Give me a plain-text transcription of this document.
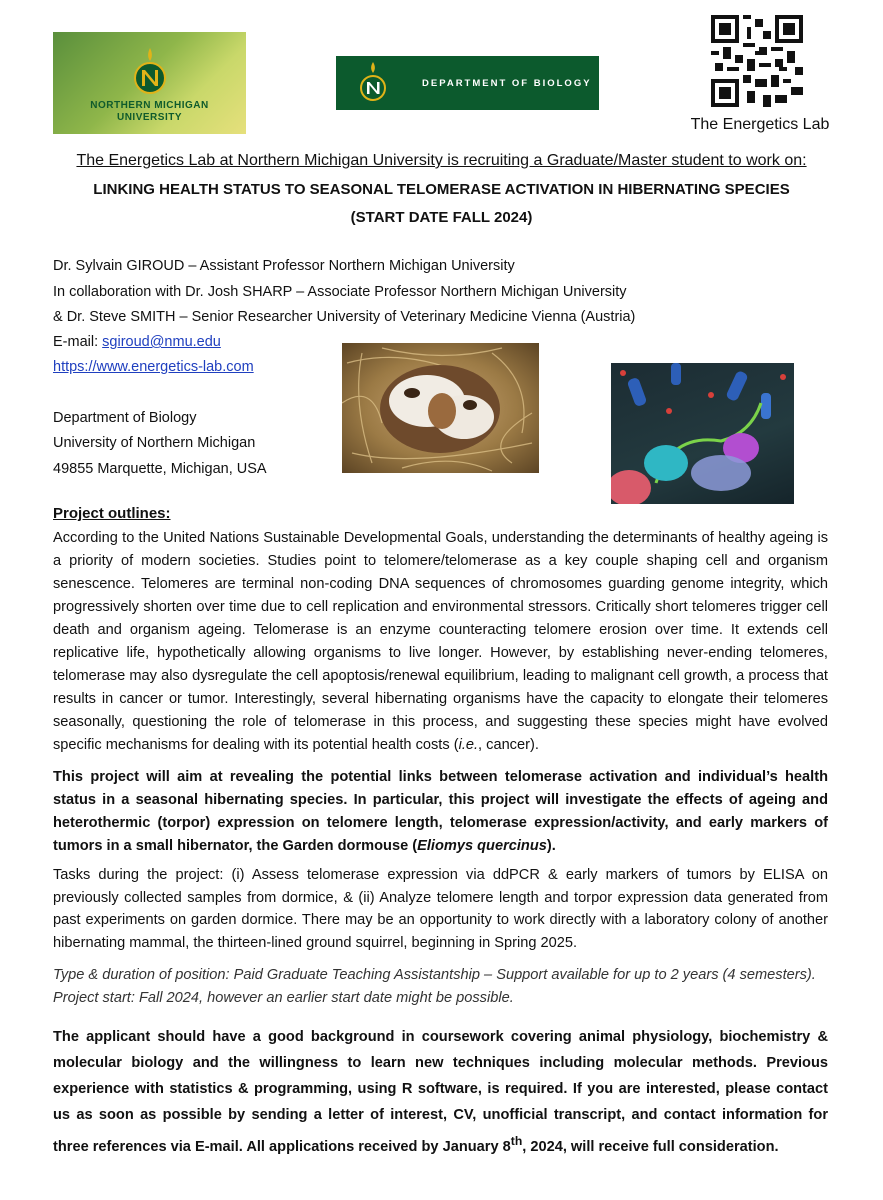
NORTHERN MICHIGAN
UNIVERSITY
DEPARTMENT OF BIOLOGY
The Energetics Lab
The Energetics Lab at Northern Michigan University is recruiting a Graduate/Master student to work on:
LINKING HEALTH STATUS TO SEASONAL TELOMERASE ACTIVATION IN HIBERNATING SPECIES
(START DATE FALL 2024)
Dr. Sylvain GIROUD – Assistant Professor Northern Michigan University
In collaboration with Dr. Josh SHARP – Associate Professor Northern Michigan University
& Dr. Steve SMITH – Senior Researcher University of Veterinary Medicine Vienna (Austria)
E-mail: sgiroud@nmu.edu
https://www.energetics-lab.com
Department of Biology
University of Northern Michigan
49855 Marquette, Michigan, USA
Project outlines:
According to the United Nations Sustainable Developmental Goals, understanding the determinants of healthy ageing is a priority of modern societies. Studies point to telomere/telomerase as a key couple shaping cell and organism senescence. Telomeres are terminal non-coding DNA sequences of chromosomes guarding genome integrity, which progressively shorten over time due to cell replication and environmental stressors. Critically short telomeres trigger cell death and organism ageing. Telomerase is an enzyme counteracting telomere erosion over time. It extends cell replicative life, hypothetically allowing organisms to live longer. However, by establishing never-ending telomeres, telomerase may also dysregulate the cell apoptosis/renewal equilibrium, leading to malignant cell growth, a process that results in cancer or tumor. Interestingly, several hibernating organisms have the capacity to elongate their telomeres seasonally, questioning the role of telomerase in this process, and suggesting these species might have evolved specific mechanisms for dealing with its potential health costs (i.e., cancer).
This project will aim at revealing the potential links between telomerase activation and individual’s health status in a seasonal hibernating species. In particular, this project will investigate the effects of ageing and heterothermic (torpor) expression on telomere length, telomerase expression/activity, and early markers of tumors in a small hibernator, the Garden dormouse (Eliomys quercinus).
Tasks during the project: (i) Assess telomerase expression via ddPCR & early markers of tumors by ELISA on previously collected samples from dormice, & (ii) Analyze telomere length and torpor expression data generated from past experiments on garden dormice. There may be an opportunity to work directly with a laboratory colony of another hibernating mammal, the thirteen-lined ground squirrel, beginning in Spring 2025.
Type & duration of position: Paid Graduate Teaching Assistantship – Support available for up to 2 years (4 semesters).
Project start: Fall 2024, however an earlier start date might be possible.
The applicant should have a good background in coursework covering animal physiology, biochemistry & molecular biology and the willingness to learn new techniques including molecular methods. Previous experience with statistics & programming, using R software, is required. If you are interested, please contact us as soon as possible by sending a letter of interest, CV, unofficial transcript, and contact information for three references via E-mail. All applications received by January 8th, 2024, will receive full consideration.
